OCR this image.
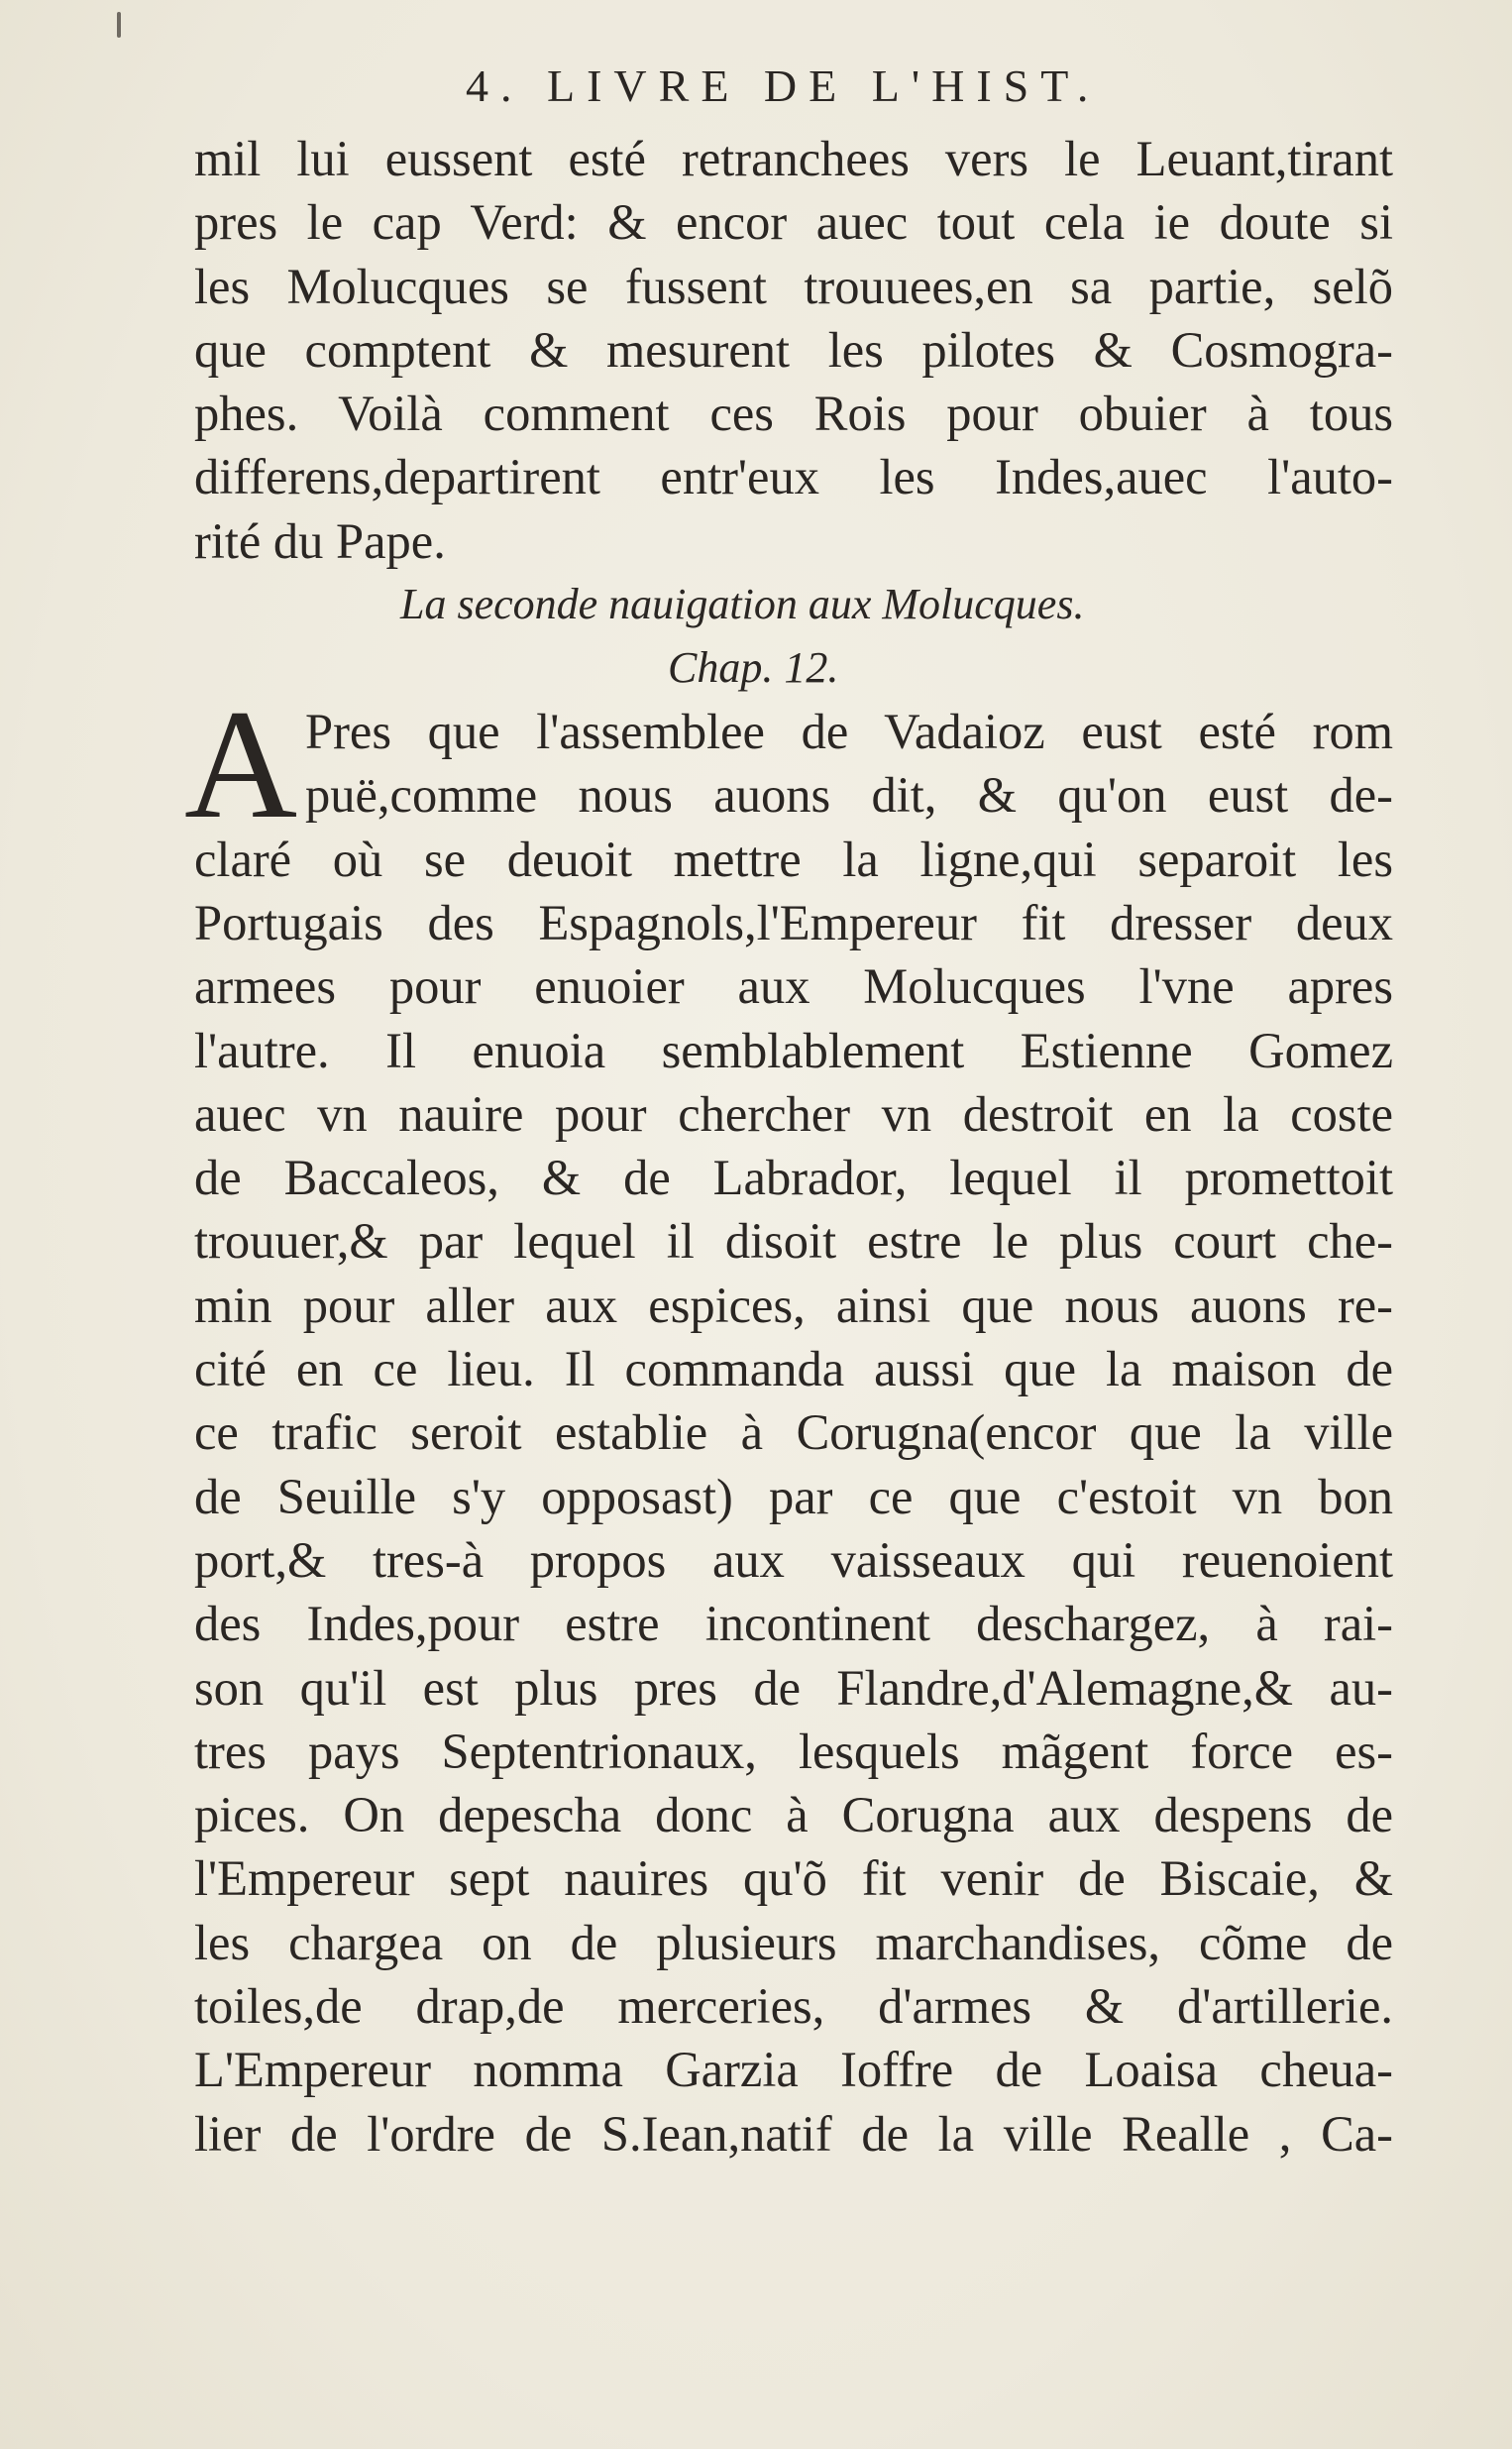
4. LIVRE DE L'HIST.
mil lui eussent esté retranchees vers le Leuant,tirant
pres le cap Verd: & encor auec tout cela ie doute si
les Molucques se fussent trouuees,en sa partie, selõ
que comptent & mesurent les pilotes & Cosmogra-
phes. Voilà comment ces Rois pour obuier à tous
differens,departirent entr'eux les Indes,auec l'auto-
rité du Pape.
La seconde nauigation aux Molucques.
Chap. 12.
A Pres que l'assemblee de Vadaioz eust esté rom
puë,comme nous auons dit, & qu'on eust de-
claré où se deuoit mettre la ligne,qui separoit les
Portugais des Espagnols,l'Empereur fit dresser deux
armees pour enuoier aux Molucques l'vne apres
l'autre. Il enuoia semblablement Estienne Gomez
auec vn nauire pour chercher vn destroit en la coste
de Baccaleos, & de Labrador, lequel il promettoit
trouuer,& par lequel il disoit estre le plus court che-
min pour aller aux espices, ainsi que nous auons re-
cité en ce lieu. Il commanda aussi que la maison de
ce trafic seroit establie à Corugna(encor que la ville
de Seuille s'y opposast) par ce que c'estoit vn bon
port,& tres-à propos aux vaisseaux qui reuenoient
des Indes,pour estre incontinent deschargez, à rai-
son qu'il est plus pres de Flandre,d'Alemagne,& au-
tres pays Septentrionaux, lesquels mãgent force es-
pices. On depescha donc à Corugna aux despens de
l'Empereur sept nauires qu'õ fit venir de Biscaie, &
les chargea on de plusieurs marchandises, cõme de
toiles,de drap,de merceries, d'armes & d'artillerie.
L'Empereur nomma Garzia Ioffre de Loaisa cheua-
lier de l'ordre de S.Iean,natif de la ville Realle , Ca-
